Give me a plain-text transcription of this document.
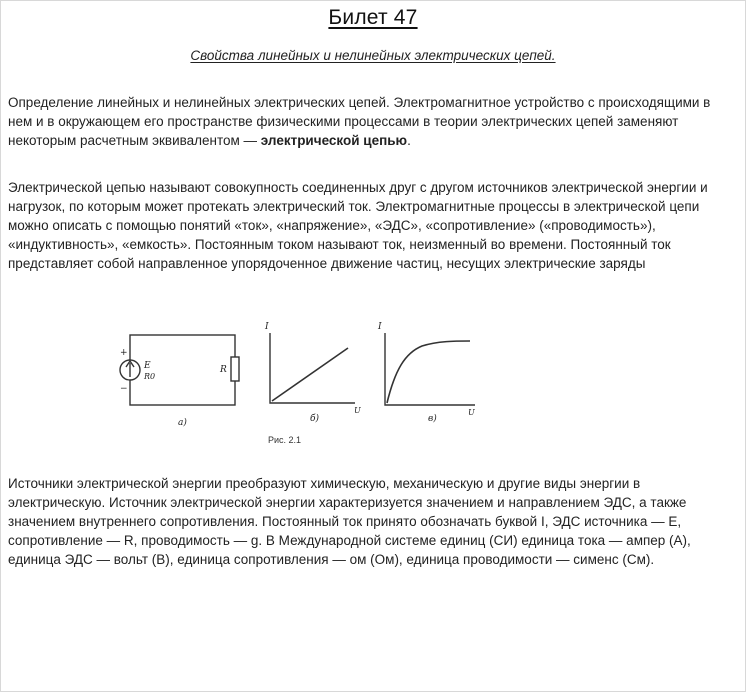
Билет 47
Свойства линейных и нелинейных электрических цепей.
Определение линейных и нелинейных электрических цепей. Электромагнитное устройство с происходящими в нем и в окружающем его пространстве физическими процессами в теории электрических цепей заменяют некоторым расчетным эквивалентом — электрической цепью.
Электрической цепью называют совокупность соединенных друг с другом источников электрической энергии и нагрузок, по которым может протекать электрический ток. Электромагнитные процессы в электрической цепи можно описать с помощью понятий «ток», «напряжение», «ЭДС», «сопротивление» («проводимость»), «индуктивность», «емкость». Постоянным током называют ток, неизменный во времени. Постоянный ток представляет собой направленное упорядоченное движение частиц, несущих электрические заряды
+
−
E
R0
R
а)
I
U
б)
I
U
в)
Рис. 2.1
Источники электрической энергии преобразуют химическую, механическую и другие виды энергии в электрическую. Источник электрической энергии характеризуется значением и направлением ЭДС, а также значением внутреннего сопротивления. Постоянный ток принято обозначать буквой I, ЭДС источника — Е, сопротивление — R, проводимость — g. В Международной системе единиц (СИ) единица тока — ампер (А), единица ЭДС — вольт (В), единица сопротивления — ом (Ом), единица проводимости — сименс (См).
